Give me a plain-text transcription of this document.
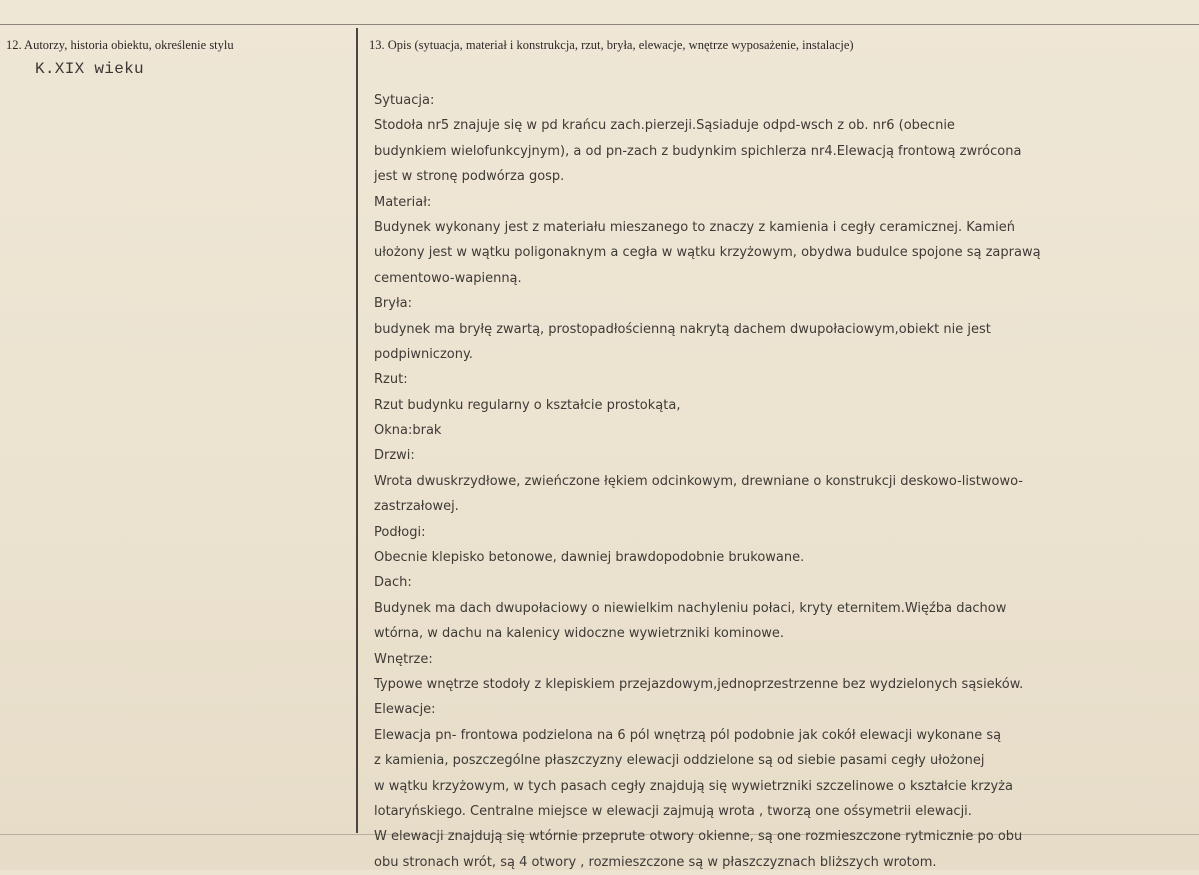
12. Autorzy, historia obiektu, określenie stylu
K.XIX wieku
13. Opis (sytuacja, materiał i konstrukcja, rzut, bryła, elewacje, wnętrze wyposażenie, instalacje)
Sytuacja:
Stodoła nr5 znajuje się w pd krańcu zach.pierzeji.Sąsiaduje odpd-wsch z ob. nr6 (obecnie
budynkiem wielofunkcyjnym), a od pn-zach z budynkim spichlerza nr4.Elewacją frontową zwrócona
jest w stronę podwórza gosp.
Materiał:
Budynek wykonany jest z materiału mieszanego to znaczy z kamienia i cegły ceramicznej. Kamień
ułożony jest w wątku poligonaknym a cegła w wątku krzyżowym, obydwa budulce spojone są zaprawą
cementowo-wapienną.
Bryła:
budynek ma bryłę zwartą, prostopadłościenną nakrytą dachem dwupołaciowym,obiekt nie jest
podpiwniczony.
Rzut:
Rzut budynku regularny o kształcie prostokąta,
Okna:brak
Drzwi:
Wrota dwuskrzydłowe, zwieńczone łękiem odcinkowym, drewniane o konstrukcji deskowo-listwowo-
zastrzałowej.
Podłogi:
Obecnie klepisko betonowe, dawniej brawdopodobnie brukowane.
Dach:
Budynek ma dach dwupołaciowy o niewielkim nachyleniu połaci, kryty eternitem.Więźba dachow
wtórna, w dachu na kalenicy widoczne wywietrzniki kominowe.
Wnętrze:
Typowe wnętrze stodoły z klepiskiem przejazdowym,jednoprzestrzenne bez wydzielonych sąsieków.
Elewacje:
Elewacja pn- frontowa podzielona na 6 pól wnętrzą pól podobnie jak cokół elewacji wykonane są
z kamienia, poszczególne płaszczyzny elewacji oddzielone są od siebie pasami cegły ułożonej
w wątku krzyżowym, w tych pasach cegły znajdują się wywietrzniki szczelinowe o kształcie krzyża
lotaryńskiego. Centralne miejsce w elewacji zajmują wrota , tworzą one ośsymetrii elewacji.
W elewacji znajdują się wtórnie przeprute otwory okienne, są one rozmieszczone rytmicznie po obu
obu stronach wrót, są 4 otwory , rozmieszczone są w płaszczyznach bliższych wrotom.
